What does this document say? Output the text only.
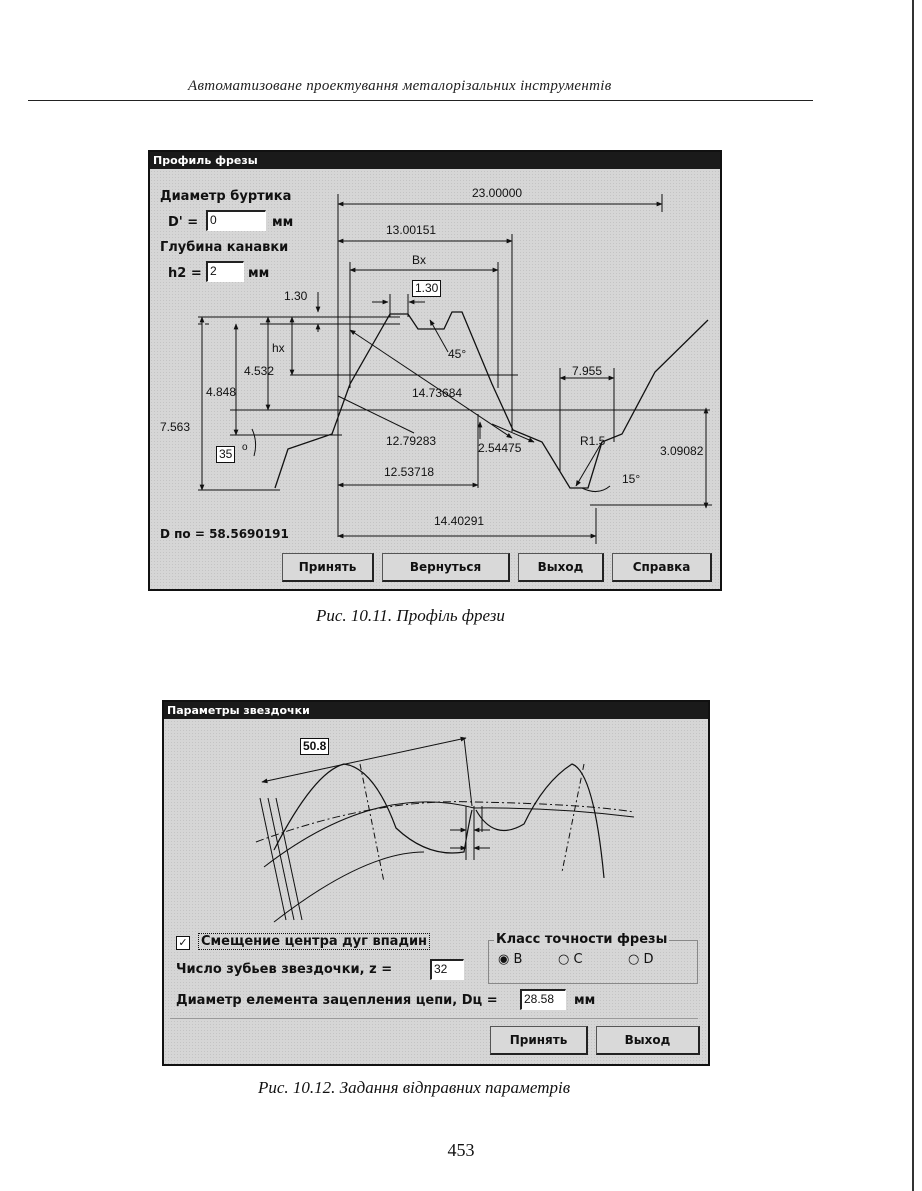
Автоматизоване проектування металорізальних інструментів
Профиль фрезы
Диаметр буртика
D' = 0	мм
Глубина канавки
h2 = 2	мм
23.00000
13.00151
Bx
1.30
1.30
hx
4.532
4.848
7.563
7.955
14.73684
45°
12.79283	2.54475	R1.5
3.09082
12.53718	15°
14.40291
35 o
D по = 58.5690191
Принять	Вернуться	Выход	Справка
Рис. 10.11. Профіль фрези
Параметры звездочки
50.8
✓ Смещение центра дуг впадин
Число зубьев звездочки, z =	32
Класс точности фрезы
◉ B	○ C	○ D
Диаметр елемента зацепления цепи, Dц =	28.58	мм
Принять	Выход
Рис. 10.12. Задання відправних параметрів
453
